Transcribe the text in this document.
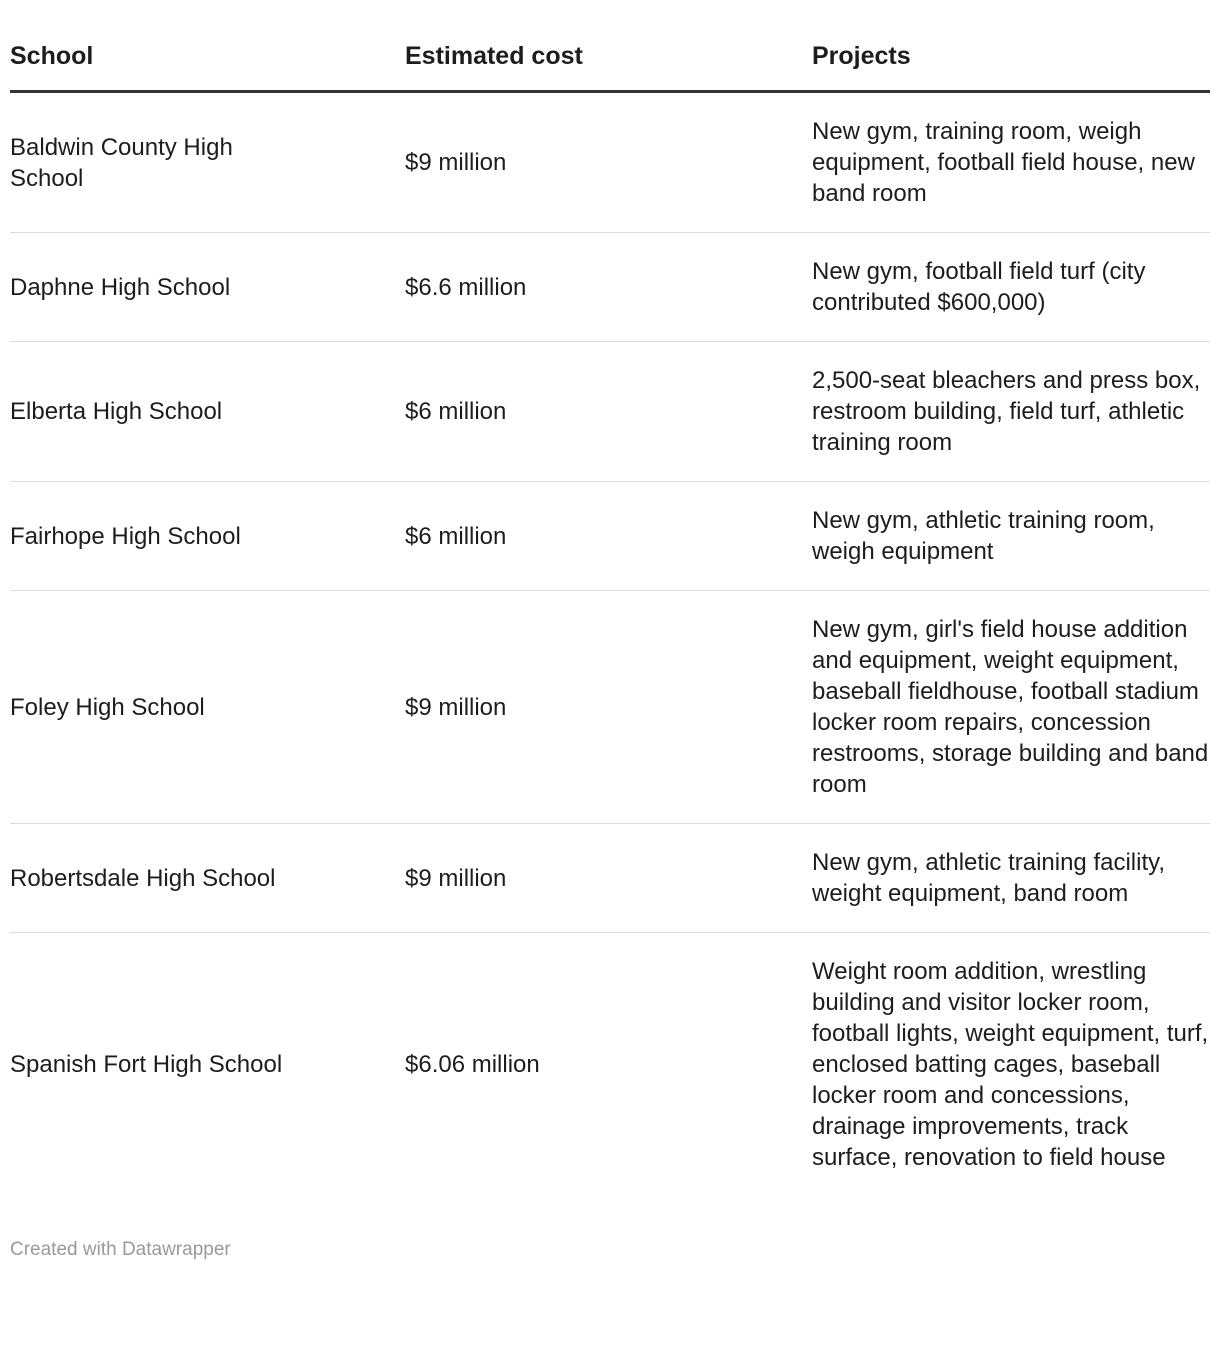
School	Estimated cost	Projects
Baldwin County High School	$9 million	New gym, training room, weigh equipment, football field house, new band room
Daphne High School	$6.6 million	New gym, football field turf (city contributed $600,000)
Elberta High School	$6 million	2,500-seat bleachers and press box, restroom building, field turf, athletic training room
Fairhope High School	$6 million	New gym, athletic training room, weigh equipment
Foley High School	$9 million	New gym, girl's field house addition and equipment, weight equipment, baseball fieldhouse, football stadium locker room repairs, concession restrooms, storage building and band room
Robertsdale High School	$9 million	New gym, athletic training facility, weight equipment, band room
Spanish Fort High School	$6.06 million	Weight room addition, wrestling building and visitor locker room, football lights, weight equipment, turf, enclosed batting cages, baseball locker room and concessions, drainage improvements, track surface, renovation to field house
Created with Datawrapper
